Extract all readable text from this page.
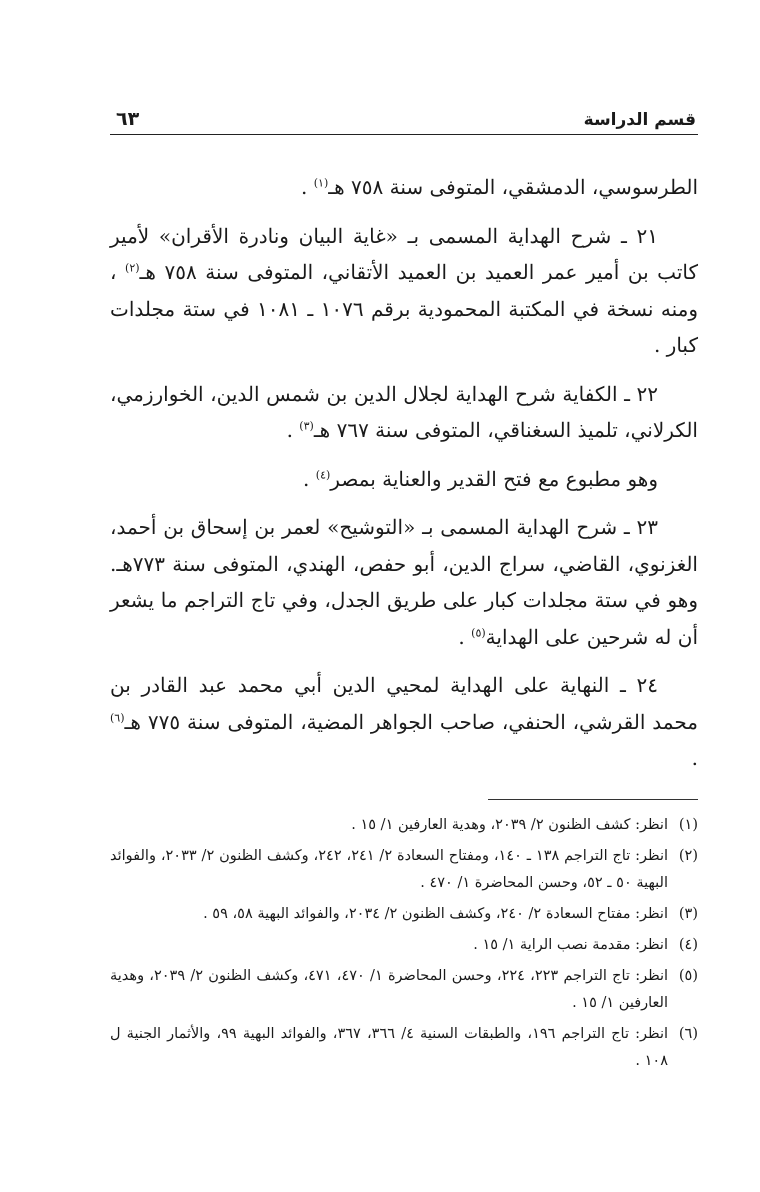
قسم الدراسة
٦٣

الطرسوسي، الدمشقي، المتوفى سنة ٧٥٨ هـ$^{(١)}$ .

٢١ ـ شرح الهداية المسمى بـ «غاية البيان ونادرة الأقران» لأمير كاتب بن أمير عمر العميد بن العميد الأتقاني، المتوفى سنة ٧٥٨ هـ$^{(٢)}$ ، ومنه نسخة في المكتبة المحمودية برقم ١٠٧٦ ـ ١٠٨١ في ستة مجلدات كبار .

٢٢ ـ الكفاية شرح الهداية لجلال الدين بن شمس الدين، الخوارزمي، الكرلاني، تلميذ السغناقي، المتوفى سنة ٧٦٧ هـ$^{(٣)}$ .

وهو مطبوع مع فتح القدير والعناية بمصر$^{(٤)}$ .

٢٣ ـ شرح الهداية المسمى بـ «التوشيح» لعمر بن إسحاق بن أحمد، الغزنوي، القاضي، سراج الدين، أبو حفص، الهندي، المتوفى سنة ٧٧٣هـ. وهو في ستة مجلدات كبار على طريق الجدل، وفي تاج التراجم ما يشعر أن له شرحين على الهداية$^{(٥)}$ .

٢٤ ـ النهاية على الهداية لمحيي الدين أبي محمد عبد القادر بن محمد القرشي، الحنفي، صاحب الجواهر المضية، المتوفى سنة ٧٧٥ هـ$^{(٦)}$ .

(١)
انظر: كشف الظنون ٢/ ٢٠٣٩، وهدية العارفين ١/ ١٥ .
(٢)
انظر: تاج التراجم ١٣٨ ـ ١٤٠، ومفتاح السعادة ٢/ ٢٤١، ٢٤٢، وكشف الظنون ٢/ ٢٠٣٣، والفوائد البهية ٥٠ ـ ٥٢، وحسن المحاضرة ١/ ٤٧٠ .
(٣)
انظر: مفتاح السعادة ٢/ ٢٤٠، وكشف الظنون ٢/ ٢٠٣٤، والفوائد البهية ٥٨، ٥٩ .
(٤)
انظر: مقدمة نصب الراية ١/ ١٥ .
(٥)
انظر: تاج التراجم ٢٢٣، ٢٢٤، وحسن المحاضرة ١/ ٤٧٠، ٤٧١، وكشف الظنون ٢/ ٢٠٣٩، وهدية العارفين ١/ ١٥ .
(٦)
انظر: تاج التراجم ١٩٦، والطبقات السنية ٤/ ٣٦٦، ٣٦٧، والفوائد البهية ٩٩، والأثمار الجنية ل ١٠٨ .
